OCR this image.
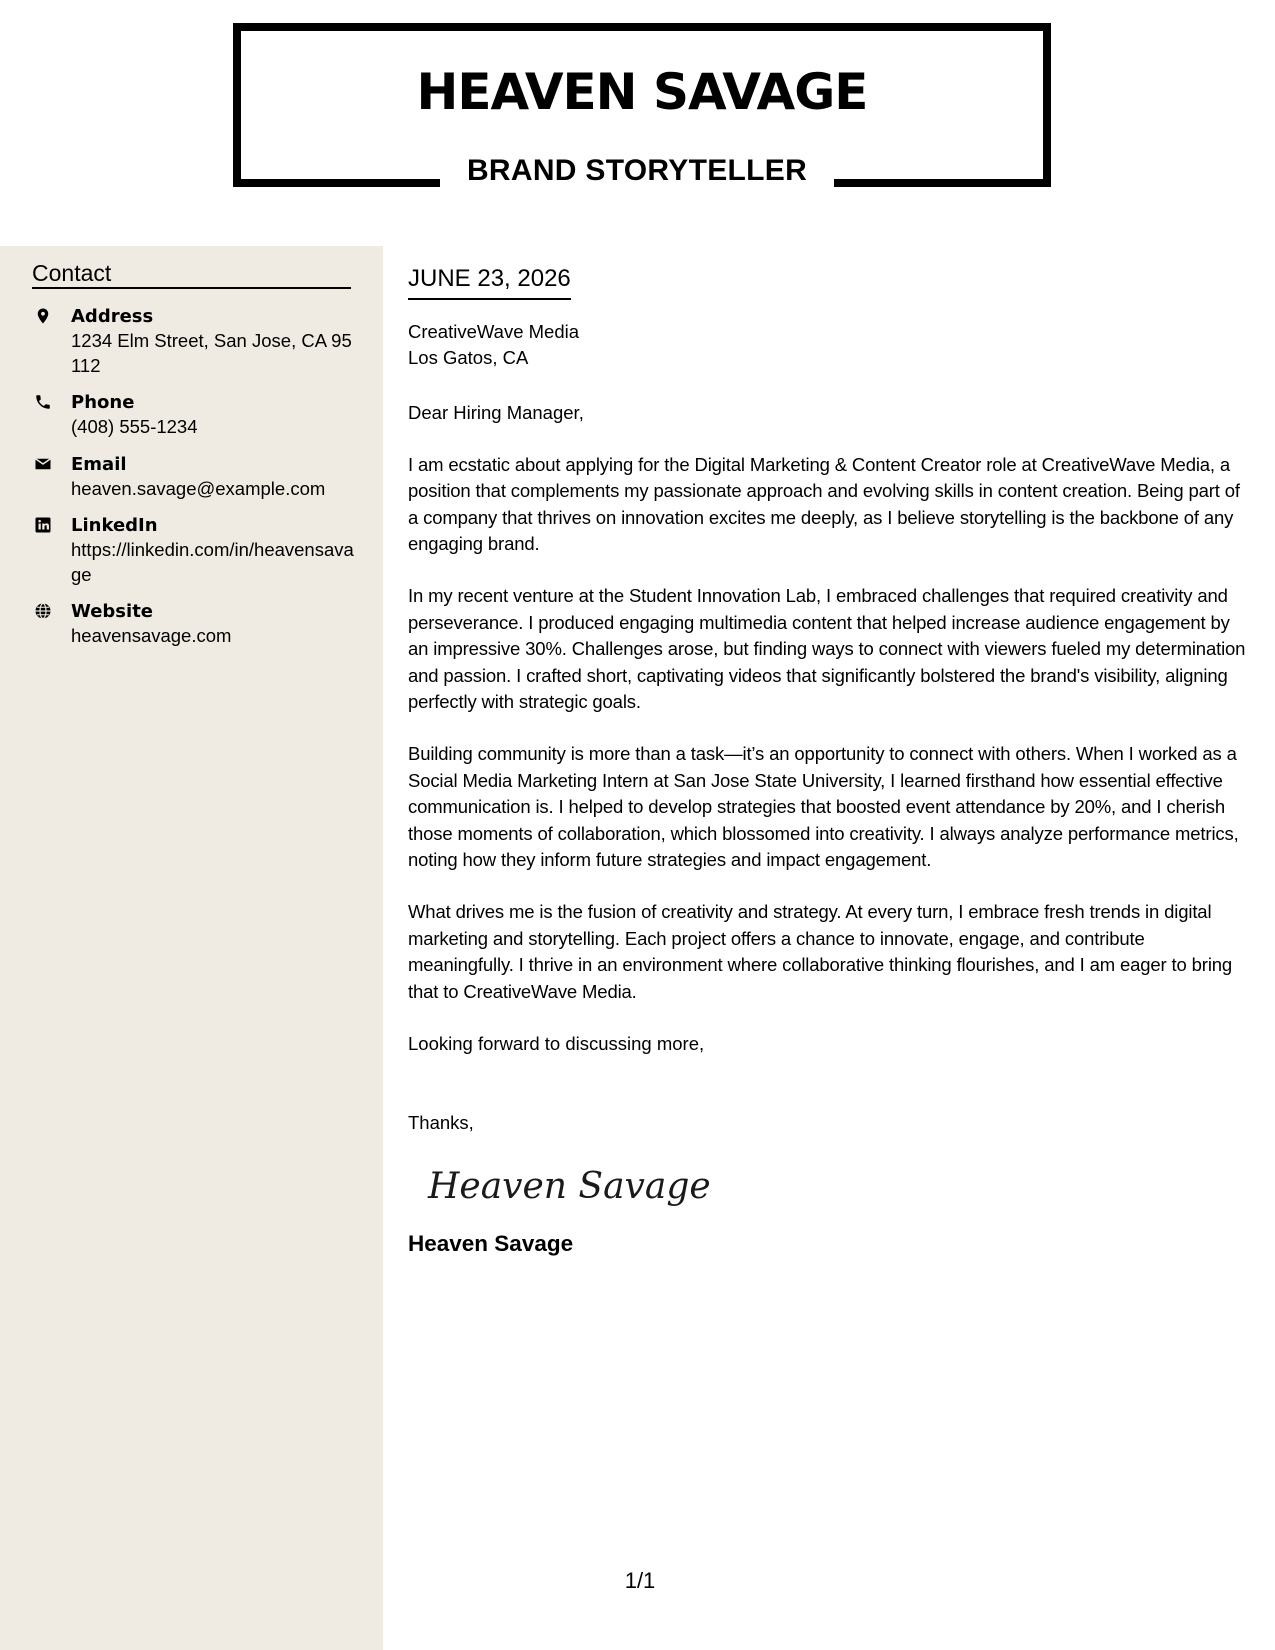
HEAVEN SAVAGE
BRAND STORYTELLER
Contact
Address
1234 Elm Street, San Jose, CA 95112
Phone
(408) 555-1234
Email
heaven.savage@example.com
LinkedIn
https://linkedin.com/in/heavensavage
Website
heavensavage.com
JUNE 23, 2026
CreativeWave Media
Los Gatos, CA
Dear Hiring Manager,
I am ecstatic about applying for the Digital Marketing & Content Creator role at CreativeWave Media, a position that complements my passionate approach and evolving skills in content creation. Being part of a company that thrives on innovation excites me deeply, as I believe storytelling is the backbone of any engaging brand.
In my recent venture at the Student Innovation Lab, I embraced challenges that required creativity and perseverance. I produced engaging multimedia content that helped increase audience engagement by an impressive 30%. Challenges arose, but finding ways to connect with viewers fueled my determination and passion. I crafted short, captivating videos that significantly bolstered the brand's visibility, aligning perfectly with strategic goals.
Building community is more than a task—it’s an opportunity to connect with others. When I worked as a Social Media Marketing Intern at San Jose State University, I learned firsthand how essential effective communication is. I helped to develop strategies that boosted event attendance by 20%, and I cherish those moments of collaboration, which blossomed into creativity. I always analyze performance metrics, noting how they inform future strategies and impact engagement.
What drives me is the fusion of creativity and strategy. At every turn, I embrace fresh trends in digital marketing and storytelling. Each project offers a chance to innovate, engage, and contribute meaningfully. I thrive in an environment where collaborative thinking flourishes, and I am eager to bring that to CreativeWave Media.
Looking forward to discussing more,
Thanks,
Heaven Savage
Heaven Savage
1/1
